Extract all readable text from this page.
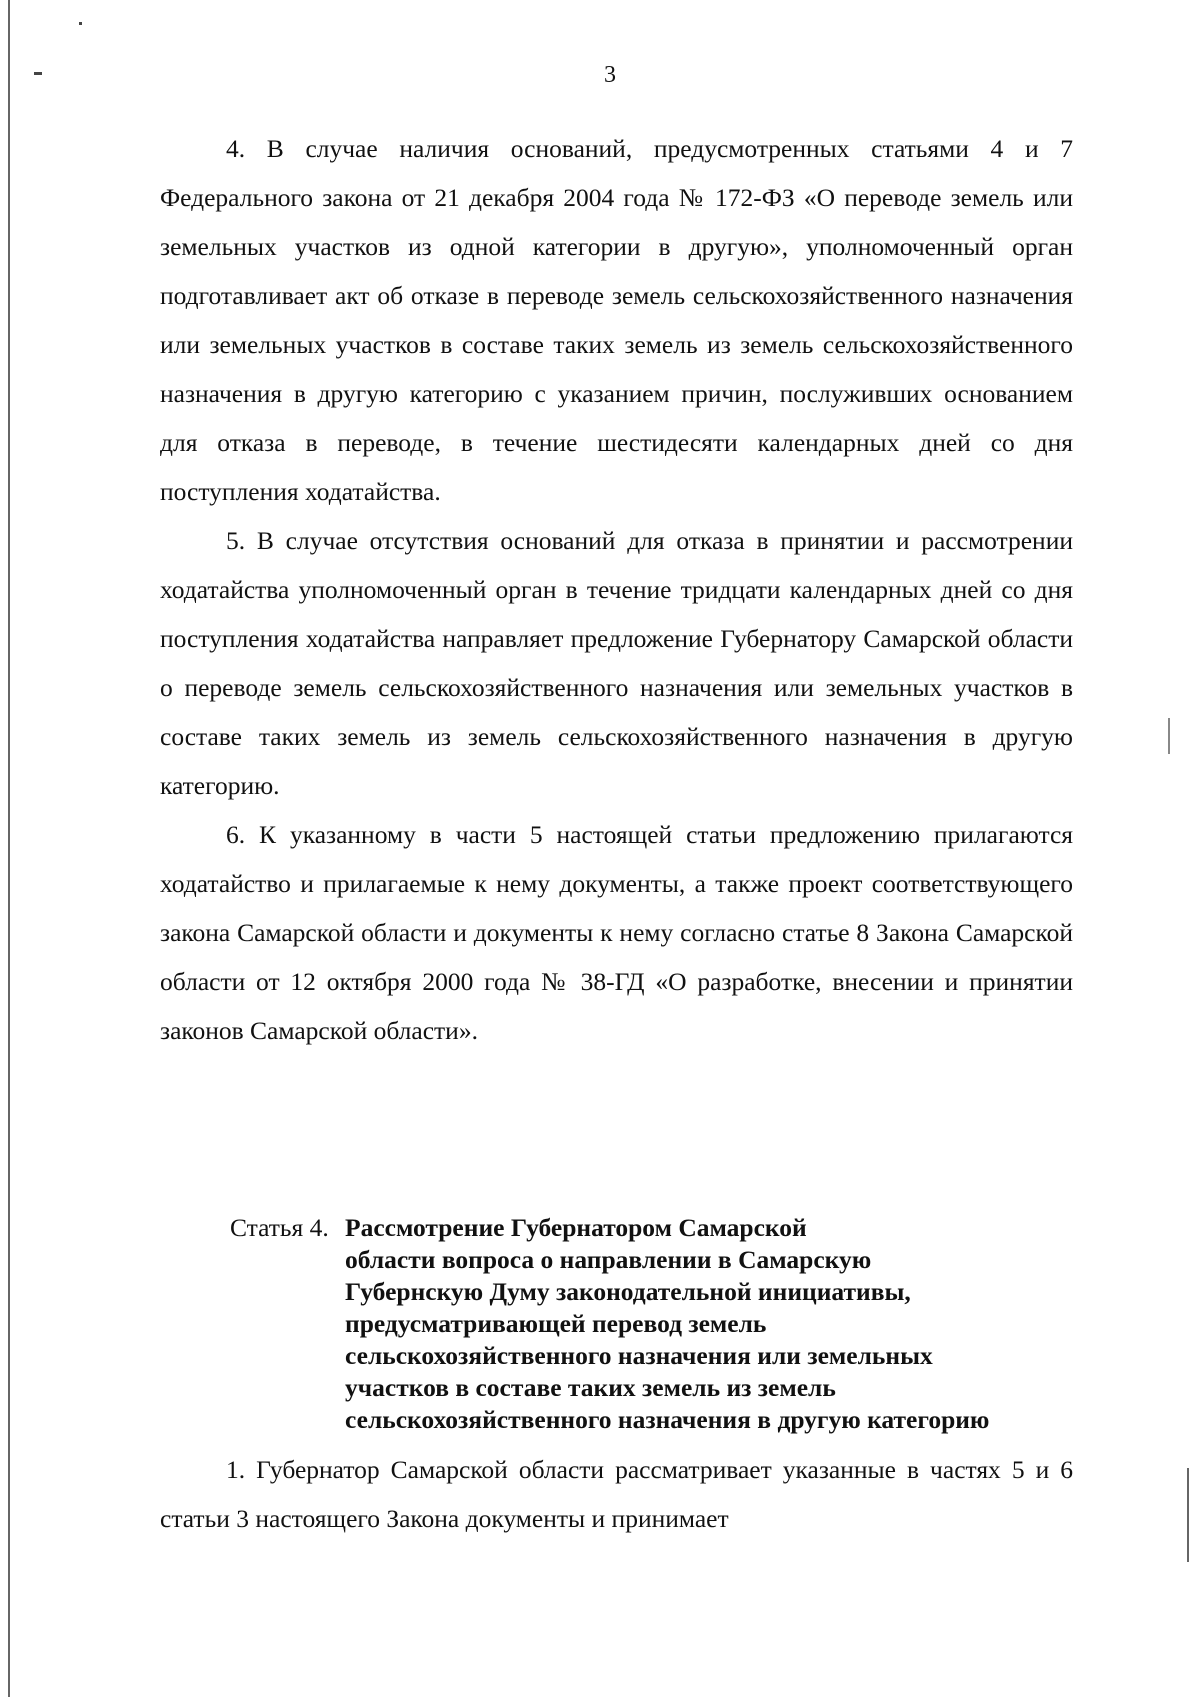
3

4. В случае наличия оснований, предусмотренных статьями 4 и 7 Федерального закона от 21 декабря 2004 года № 172-ФЗ «О переводе земель или земельных участков из одной категории в другую», уполномоченный орган подготавливает акт об отказе в переводе земель сельскохозяйственного назначения или земельных участков в составе таких земель из земель сельскохозяйственного назначения в другую категорию с указанием причин, послуживших основанием для отказа в переводе, в течение шестидесяти календарных дней со дня поступления ходатайства.

5. В случае отсутствия оснований для отказа в принятии и рассмотрении ходатайства уполномоченный орган в течение тридцати календарных дней со дня поступления ходатайства направляет предложение Губернатору Самарской области о переводе земель сельскохозяйственного назначения или земельных участков в составе таких земель из земель сельскохозяйственного назначения в другую категорию.

6. К указанному в части 5 настоящей статьи предложению прилагаются ходатайство и прилагаемые к нему документы, а также проект соответствующего закона Самарской области и документы к нему согласно статье 8 Закона Самарской области от 12 октября 2000 года № 38-ГД «О разработке, внесении и принятии законов Самарской области».

Статья 4. Рассмотрение Губернатором Самарской
области вопроса о направлении в Самарскую
Губернскую Думу законодательной инициативы,
предусматривающей перевод земель
сельскохозяйственного назначения или земельных
участков в составе таких земель из земель
сельскохозяйственного назначения в другую категорию

1. Губернатор Самарской области рассматривает указанные в частях 5 и 6 статьи 3 настоящего Закона документы и принимает
